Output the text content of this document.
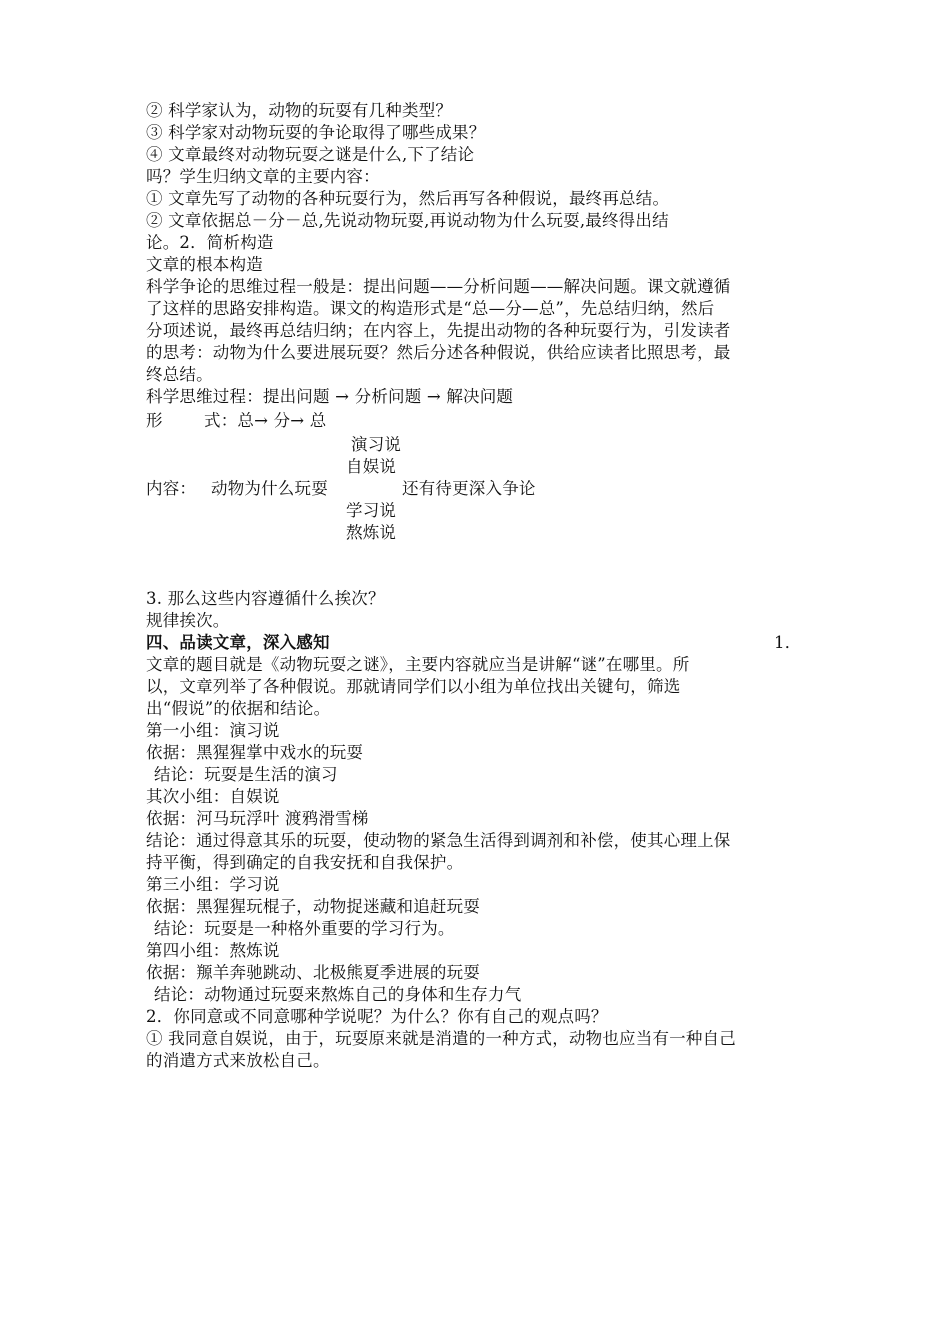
② 科学家认为，动物的玩耍有几种类型？
③ 科学家对动物玩耍的争论取得了哪些成果？
④ 文章最终对动物玩耍之谜是什么,下了结论
吗？学生归纳文章的主要内容：
① 文章先写了动物的各种玩耍行为，然后再写各种假说，最终再总结。
② 文章依据总－分－总,先说动物玩耍,再说动物为什么玩耍,最终得出结
论。2．简析构造
文章的根本构造
科学争论的思维过程一般是：提出问题——分析问题——解决问题。课文就遵循
了这样的思路安排构造。课文的构造形式是“总—分—总”，先总结归纳，然后
分项述说，最终再总结归纳；在内容上，先提出动物的各种玩耍行为，引发读者
的思考：动物为什么要进展玩耍？然后分述各种假说，供给应读者比照思考，最
终总结。
科学思维过程：提出问题 → 分析问题 → 解决问题
形	式：总→ 分→ 总
演习说
自娱说
内容： 动物为什么玩耍	还有待更深入争论
学习说
熬炼说
3. 那么这些内容遵循什么挨次？
规律挨次。
四、品读文章，深入感知	1．
文章的题目就是《动物玩耍之谜》，主要内容就应当是讲解“谜”在哪里。所
以，文章列举了各种假说。那就请同学们以小组为单位找出关键句，筛选
出“假说”的依据和结论。
第一小组：演习说
依据：黑猩猩掌中戏水的玩耍
结论：玩耍是生活的演习
其次小组：自娱说
依据：河马玩浮叶 渡鸦滑雪梯
结论：通过得意其乐的玩耍，使动物的紧急生活得到调剂和补偿，使其心理上保
持平衡，得到确定的自我安抚和自我保护。
第三小组：学习说
依据：黑猩猩玩棍子，动物捉迷藏和追赶玩耍
结论：玩耍是一种格外重要的学习行为。
第四小组：熬炼说
依据：羱羊奔驰跳动、北极熊夏季进展的玩耍
结论：动物通过玩耍来熬炼自己的身体和生存力气
2．你同意或不同意哪种学说呢？为什么？你有自己的观点吗？
① 我同意自娱说，由于，玩耍原来就是消遣的一种方式，动物也应当有一种自己
的消遣方式来放松自己。
